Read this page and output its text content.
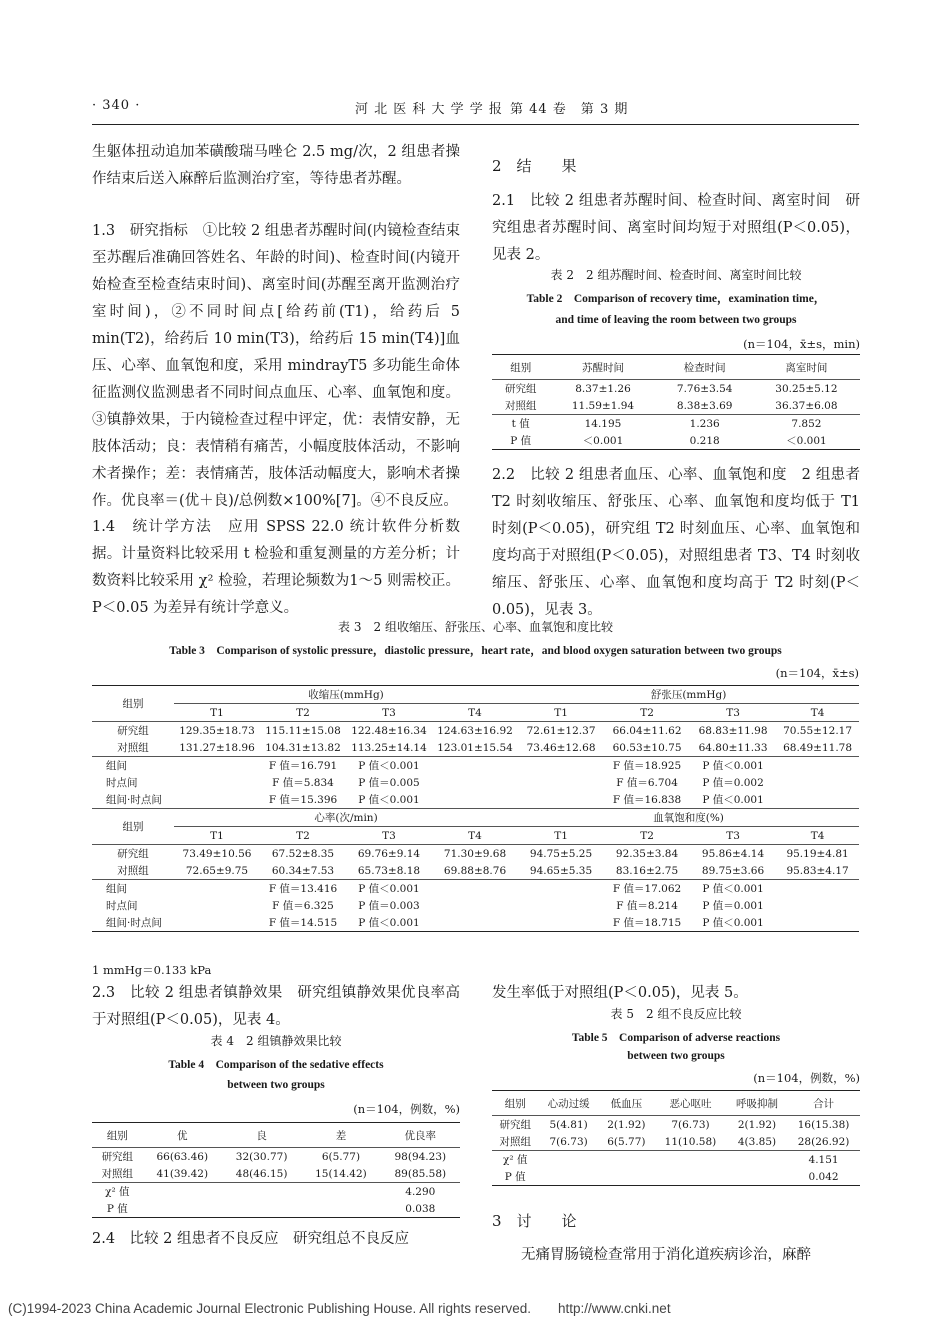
· 340 ·	河 北 医 科 大 学 学 报 第 44 卷　第 3 期
生躯体扭动追加苯磺酸瑞马唑仑 2.5 mg/次，2 组患者操作结束后送入麻醉后监测治疗室，等待患者苏醒。
1.3　研究指标　①比较 2 组患者苏醒时间(内镜检查结束至苏醒后准确回答姓名、年龄的时间)、检查时间(内镜开始检查至检查结束时间)、离室时间(苏醒至离开监测治疗室时间)，②不同时间点[给药前(T1)，给药后 5 min(T2)，给药后 10 min(T3)，给药后 15 min(T4)]血压、心率、血氧饱和度，采用 mindrayT5 多功能生命体征监测仪监测患者不同时间点血压、心率、血氧饱和度。③镇静效果，于内镜检查过程中评定，优：表情安静，无肢体活动；良：表情稍有痛苦，小幅度肢体活动，不影响术者操作；差：表情痛苦，肢体活动幅度大，影响术者操作。优良率＝(优＋良)/总例数×100%[7]。④不良反应。
1.4　统计学方法　应用 SPSS 22.0 统计软件分析数据。计量资料比较采用 t 检验和重复测量的方差分析；计数资料比较采用 χ² 检验，若理论频数为1～5 则需校正。P＜0.05 为差异有统计学意义。
2　结　　果
2.1　比较 2 组患者苏醒时间、检查时间、离室时间　研究组患者苏醒时间、离室时间均短于对照组(P＜0.05)，见表 2。
表 2　2 组苏醒时间、检查时间、离室时间比较
Table 2　Comparison of recovery time，examination time，
and time of leaving the room between two groups
(n＝104，x̄±s，min)
组别	苏醒时间	检查时间	离室时间
研究组	8.37±1.26	7.76±3.54	30.25±5.12
对照组	11.59±1.94	8.38±3.69	36.37±6.08
t 值	14.195	1.236	7.852
P 值	＜0.001	0.218	＜0.001
2.2　比较 2 组患者血压、心率、血氧饱和度　2 组患者 T2 时刻收缩压、舒张压、心率、血氧饱和度均低于 T1 时刻(P＜0.05)，研究组 T2 时刻血压、心率、血氧饱和度均高于对照组(P＜0.05)，对照组患者 T3、T4 时刻收缩压、舒张压、心率、血氧饱和度均高于 T2 时刻(P＜0.05)，见表 3。
表 3　2 组收缩压、舒张压、心率、血氧饱和度比较
Table 3　Comparison of systolic pressure，diastolic pressure，heart rate，and blood oxygen saturation between two groups
(n＝104，x̄±s)
组别	收缩压(mmHg)				舒张压(mmHg)			
	T1	T2	T3	T4	T1	T2	T3	T4
研究组	129.35±18.73	115.11±15.08	122.48±16.34	124.63±16.92	72.61±12.37	66.04±11.62	68.83±11.98	70.55±12.17
对照组	131.27±18.96	104.31±13.82	113.25±14.14	123.01±15.54	73.46±12.68	60.53±10.75	64.80±11.33	68.49±11.78
组间		F 值＝16.791	P 值＜0.001			F 值＝18.925	P 值＜0.001	
时点间		F 值＝5.834	P 值＝0.005			F 值＝6.704	P 值＝0.002	
组间·时点间		F 值＝15.396	P 值＜0.001			F 值＝16.838	P 值＜0.001	
组别	心率(次/min)				血氧饱和度(%)			
	T1	T2	T3	T4	T1	T2	T3	T4
研究组	73.49±10.56	67.52±8.35	69.76±9.14	71.30±9.68	94.75±5.25	92.35±3.84	95.86±4.14	95.19±4.81
对照组	72.65±9.75	60.34±7.53	65.73±8.18	69.88±8.76	94.65±5.35	83.16±2.75	89.75±3.66	95.83±4.17
组间		F 值＝13.416	P 值＜0.001			F 值＝17.062	P 值＜0.001	
时点间		F 值＝6.325	P 值＝0.003			F 值＝8.214	P 值＝0.001	
组间·时点间		F 值＝14.515	P 值＜0.001			F 值＝18.715	P 值＜0.001	
1 mmHg＝0.133 kPa
2.3　比较 2 组患者镇静效果　研究组镇静效果优良率高于对照组(P＜0.05)，见表 4。
表 4　2 组镇静效果比较
Table 4　Comparison of the sedative effects
between two groups
(n＝104，例数，%)
组别	优	良	差	优良率
研究组	66(63.46)	32(30.77)	6(5.77)	98(94.23)
对照组	41(39.42)	48(46.15)	15(14.42)	89(85.58)
χ² 值				4.290
P 值				0.038
2.4　比较 2 组患者不良反应　研究组总不良反应
发生率低于对照组(P＜0.05)，见表 5。
表 5　2 组不良反应比较
Table 5　Comparison of adverse reactions
between two groups
(n＝104，例数，%)
组别	心动过缓	低血压	恶心呕吐	呼吸抑制	合计
研究组	5(4.81)	2(1.92)	7(6.73)	2(1.92)	16(15.38)
对照组	7(6.73)	6(5.77)	11(10.58)	4(3.85)	28(26.92)
χ² 值					4.151
P 值					0.042
3　讨　　论
无痛胃肠镜检查常用于消化道疾病诊治，麻醉
(C)1994-2023 China Academic Journal Electronic Publishing House. All rights reserved.　　http://www.cnki.net
